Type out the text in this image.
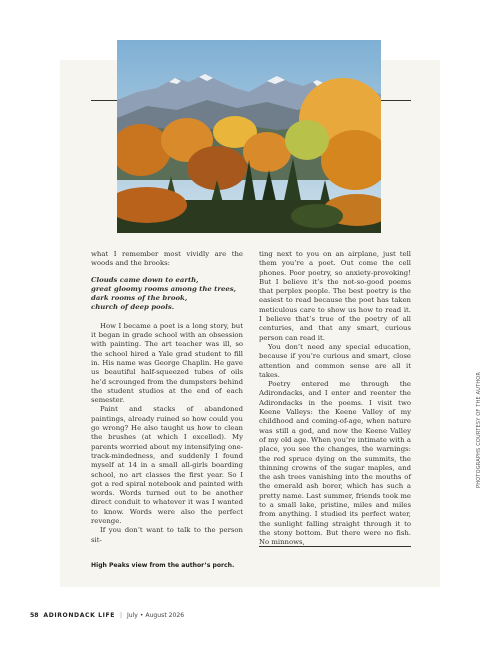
what I remember most vividly are the woods and the brooks:

Clouds came down to earth,
great gloomy rooms among the trees,
dark rooms of the brook,
church of deep pools.

How I became a poet is a long story, but it began in grade school with an obsession with painting. The art teacher was ill, so the school hired a Yale grad student to fill in. His name was George Chaplin. He gave us beautiful half-squeezed tubes of oils he’d scrounged from the dumpsters behind the student studios at the end of each semester.

Paint and stacks of abandoned paintings, already ruined so how could you go wrong? He also taught us how to clean the brushes (at which I excelled). My parents worried about my intensifying one-track-mindedness, and suddenly I found myself at 14 in a small all-girls boarding school, no art classes the first year. So I got a red spiral notebook and painted with words. Words turned out to be another direct conduit to whatever it was I wanted to know. Words were also the perfect revenge.

If you don’t want to talk to the person sit-

ting next to you on an airplane, just tell them you’re a poet. Out come the cell phones. Poor poetry, so anxiety-provoking! But I believe it’s the not-so-good poems that perplex people. The best poetry is the easiest to read because the poet has taken meticulous care to show us how to read it. I believe that’s true of the poetry of all centuries, and that any smart, curious person can read it.

You don’t need any special education, because if you’re curious and smart, close attention and common sense are all it takes.

Poetry entered me through the Adirondacks, and I enter and reenter the Adirondacks in the poems. I visit two Keene Valleys: the Keene Valley of my childhood and coming-of-age, when nature was still a god, and now the Keene Valley of my old age. When you’re intimate with a place, you see the changes, the warnings: the red spruce dying on the summits, the thinning crowns of the sugar maples, and the ash trees vanishing into the mouths of the emerald ash borer, which has such a pretty name. Last summer, friends took me to a small lake, pristine, miles and miles from anything. I studied its perfect water, the sunlight falling straight through it to the stony bottom. But there were no fish. No minnows,

High Peaks view from the author’s porch.
PHOTOGRAPHS COURTESY OF THE AUTHOR
58 ADIRONDACK LIFE | July • August 2026
